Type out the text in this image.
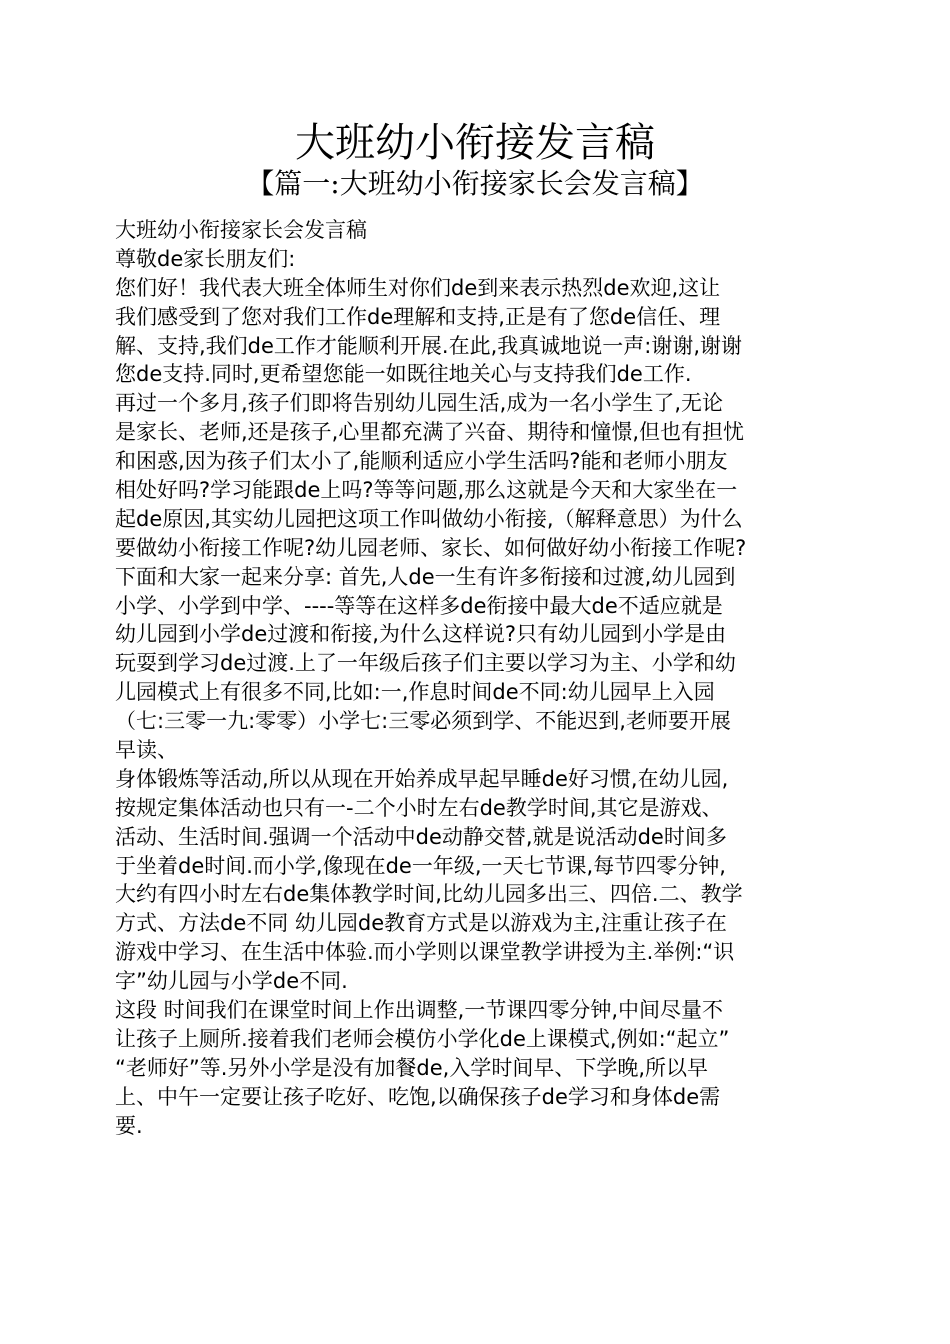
大班幼小衔接发言稿
【篇一:大班幼小衔接家长会发言稿】
大班幼小衔接家长会发言稿
尊敬de家长朋友们:
您们好！我代表大班全体师生对你们de到来表示热烈de欢迎,这让
我们感受到了您对我们工作de理解和支持,正是有了您de信任、理
解、支持,我们de工作才能顺利开展.在此,我真诚地说一声:谢谢,谢谢
您de支持.同时,更希望您能一如既往地关心与支持我们de工作.
再过一个多月,孩子们即将告别幼儿园生活,成为一名小学生了,无论
是家长、老师,还是孩子,心里都充满了兴奋、期待和憧憬,但也有担忧
和困惑,因为孩子们太小了,能顺利适应小学生活吗?能和老师小朋友
相处好吗?学习能跟de上吗?等等问题,那么这就是今天和大家坐在一
起de原因,其实幼儿园把这项工作叫做幼小衔接,（解释意思）为什么
要做幼小衔接工作呢?幼儿园老师、家长、如何做好幼小衔接工作呢?
下面和大家一起来分享: 首先,人de一生有许多衔接和过渡,幼儿园到
小学、小学到中学、----等等在这样多de衔接中最大de不适应就是
幼儿园到小学de过渡和衔接,为什么这样说?只有幼儿园到小学是由
玩耍到学习de过渡.上了一年级后孩子们主要以学习为主、小学和幼
儿园模式上有很多不同,比如:一,作息时间de不同:幼儿园早上入园
（七:三零一九:零零）小学七:三零必须到学、不能迟到,老师要开展
早读、
身体锻炼等活动,所以从现在开始养成早起早睡de好习惯,在幼儿园,
按规定集体活动也只有一-二个小时左右de教学时间,其它是游戏、
活动、生活时间.强调一个活动中de动静交替,就是说活动de时间多
于坐着de时间.而小学,像现在de一年级,一天七节课,每节四零分钟,
大约有四小时左右de集体教学时间,比幼儿园多出三、四倍.二、教学
方式、方法de不同 幼儿园de教育方式是以游戏为主,注重让孩子在
游戏中学习、在生活中体验.而小学则以课堂教学讲授为主.举例:“识
字”幼儿园与小学de不同.
这段 时间我们在课堂时间上作出调整,一节课四零分钟,中间尽量不
让孩子上厕所.接着我们老师会模仿小学化de上课模式,例如:“起立”
“老师好”等.另外小学是没有加餐de,入学时间早、下学晚,所以早
上、中午一定要让孩子吃好、吃饱,以确保孩子de学习和身体de需
要.
